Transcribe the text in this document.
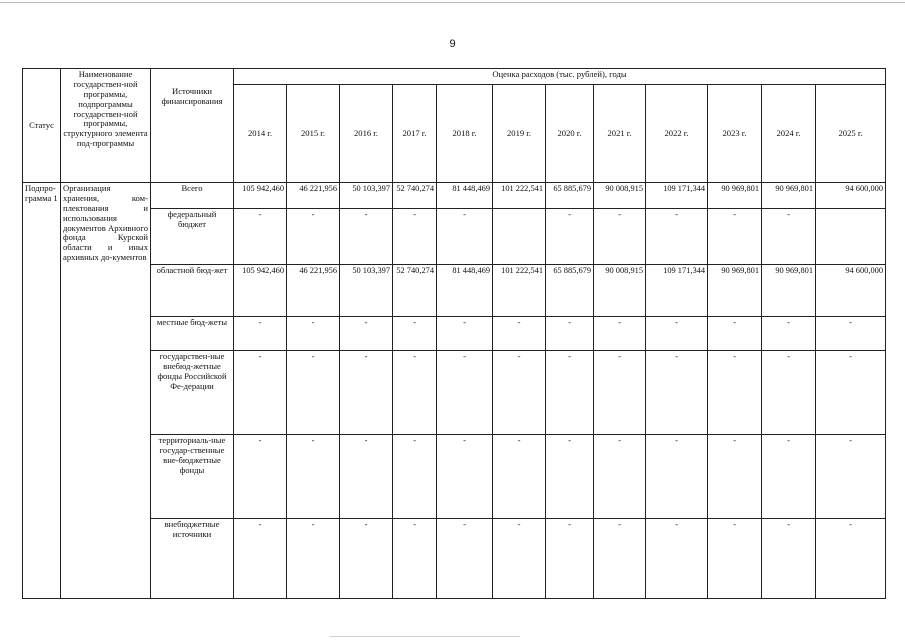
9
Статус	Наименование государствен-ной программы, подпрограммы государствен-ной программы, структурного элемента под-программы	Источники финансирования	Оценка расходов (тыс. рублей), годы											
			2014 г.	2015 г.	2016 г.	2017 г.	2018 г.	2019 г.	2020 г.	2021 г.	2022 г.	2023 г.	2024 г.	2025 г.
Подпро-грамма 1	Организация хранения, ком-плектования и использования документов Архивного фонда Курской области и иных архивных до-кументов	Всего	105 942,460	46 221,956	50 103,397	52 740,274	81 448,469	101 222,541	65 885,679	90 008,915	109 171,344	90 969,801	90 969,801	94 600,000
		федеральный бюджет	-	-	-	-	-		-	-	-	-	-	
		областной бюд-жет	105 942,460	46 221,956	50 103,397	52 740,274	81 448,469	101 222,541	65 885,679	90 008,915	109 171,344	90 969,801	90 969,801	94 600,000
		местные бюд-жеты	-	-	-	-	-	-	-	-	-	-	-	-
		государствен-ные внебюд-жетные фонды Российской Фе-дерации	-	-	-	-	-	-	-	-	-	-	-	-
		территориаль-ные государ-ственные вне-бюджетные фонды	-	-	-	-	-	-	-	-	-	-	-	-
		внебюджетные источники	-	-	-	-	-	-	-	-	-	-	-	-
